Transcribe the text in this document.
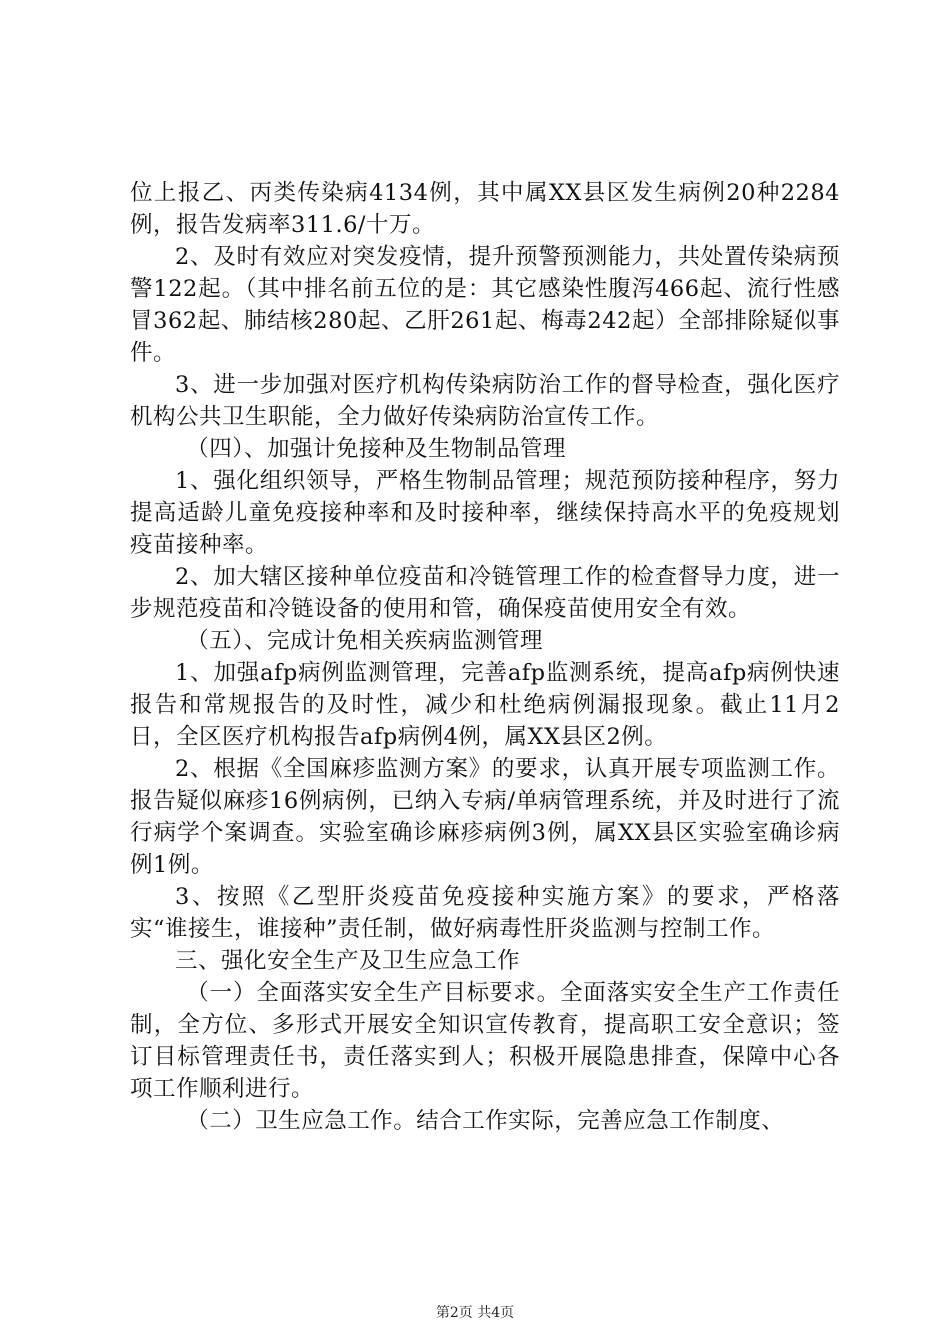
位上报乙、丙类传染病4134例，其中属XX县区发生病例20种2284例，报告发病率311.6/十万。

2、及时有效应对突发疫情，提升预警预测能力，共处置传染病预警122起。（其中排名前五位的是：其它感染性腹泻466起、流行性感冒362起、肺结核280起、乙肝261起、梅毒242起）全部排除疑似事件。

3、进一步加强对医疗机构传染病防治工作的督导检查，强化医疗机构公共卫生职能，全力做好传染病防治宣传工作。

（四）、加强计免接种及生物制品管理

1、强化组织领导，严格生物制品管理；规范预防接种程序，努力提高适龄儿童免疫接种率和及时接种率，继续保持高水平的免疫规划疫苗接种率。

2、加大辖区接种单位疫苗和冷链管理工作的检查督导力度，进一步规范疫苗和冷链设备的使用和管，确保疫苗使用安全有效。

（五）、完成计免相关疾病监测管理

1、加强afp病例监测管理，完善afp监测系统，提高afp病例快速报告和常规报告的及时性，减少和杜绝病例漏报现象。截止11月2日，全区医疗机构报告afp病例4例，属XX县区2例。

2、根据《全国麻疹监测方案》的要求，认真开展专项监测工作。报告疑似麻疹16例病例，已纳入专病/单病管理系统，并及时进行了流行病学个案调查。实验室确诊麻疹病例3例，属XX县区实验室确诊病例1例。

3、按照《乙型肝炎疫苗免疫接种实施方案》的要求，严格落实“谁接生，谁接种”责任制，做好病毒性肝炎监测与控制工作。

三、强化安全生产及卫生应急工作

（一）全面落实安全生产目标要求。全面落实安全生产工作责任制，全方位、多形式开展安全知识宣传教育，提高职工安全意识；签订目标管理责任书，责任落实到人；积极开展隐患排查，保障中心各项工作顺利进行。

（二）卫生应急工作。结合工作实际，完善应急工作制度、

第2页 共4页
